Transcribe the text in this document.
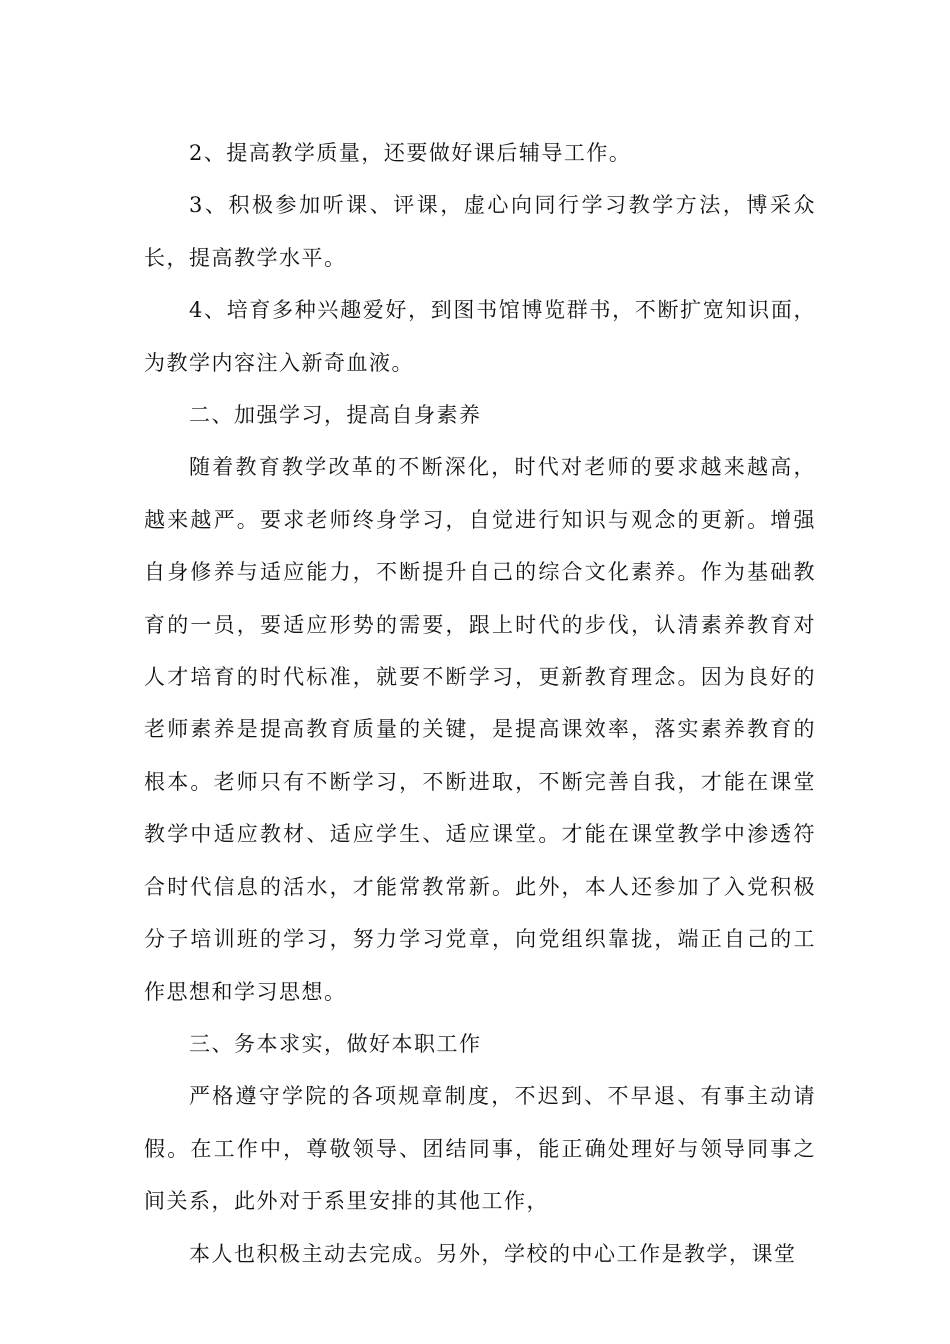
2、提高教学质量，还要做好课后辅导工作。

3、积极参加听课、评课，虚心向同行学习教学方法，博采众长，提高教学水平。

4、培育多种兴趣爱好，到图书馆博览群书，不断扩宽知识面，为教学内容注入新奇血液。

二、加强学习，提高自身素养

随着教育教学改革的不断深化，时代对老师的要求越来越高，越来越严。要求老师终身学习，自觉进行知识与观念的更新。增强自身修养与适应能力，不断提升自己的综合文化素养。作为基础教育的一员，要适应形势的需要，跟上时代的步伐，认清素养教育对人才培育的时代标准，就要不断学习，更新教育理念。因为良好的老师素养是提高教育质量的关键，是提高课效率，落实素养教育的根本。老师只有不断学习，不断进取，不断完善自我，才能在课堂教学中适应教材、适应学生、适应课堂。才能在课堂教学中渗透符合时代信息的活水，才能常教常新。此外，本人还参加了入党积极分子培训班的学习，努力学习党章，向党组织靠拢，端正自己的工作思想和学习思想。

三、务本求实，做好本职工作

严格遵守学院的各项规章制度，不迟到、不早退、有事主动请假。在工作中，尊敬领导、团结同事，能正确处理好与领导同事之间关系，此外对于系里安排的其他工作，

本人也积极主动去完成。另外，学校的中心工作是教学，课堂
